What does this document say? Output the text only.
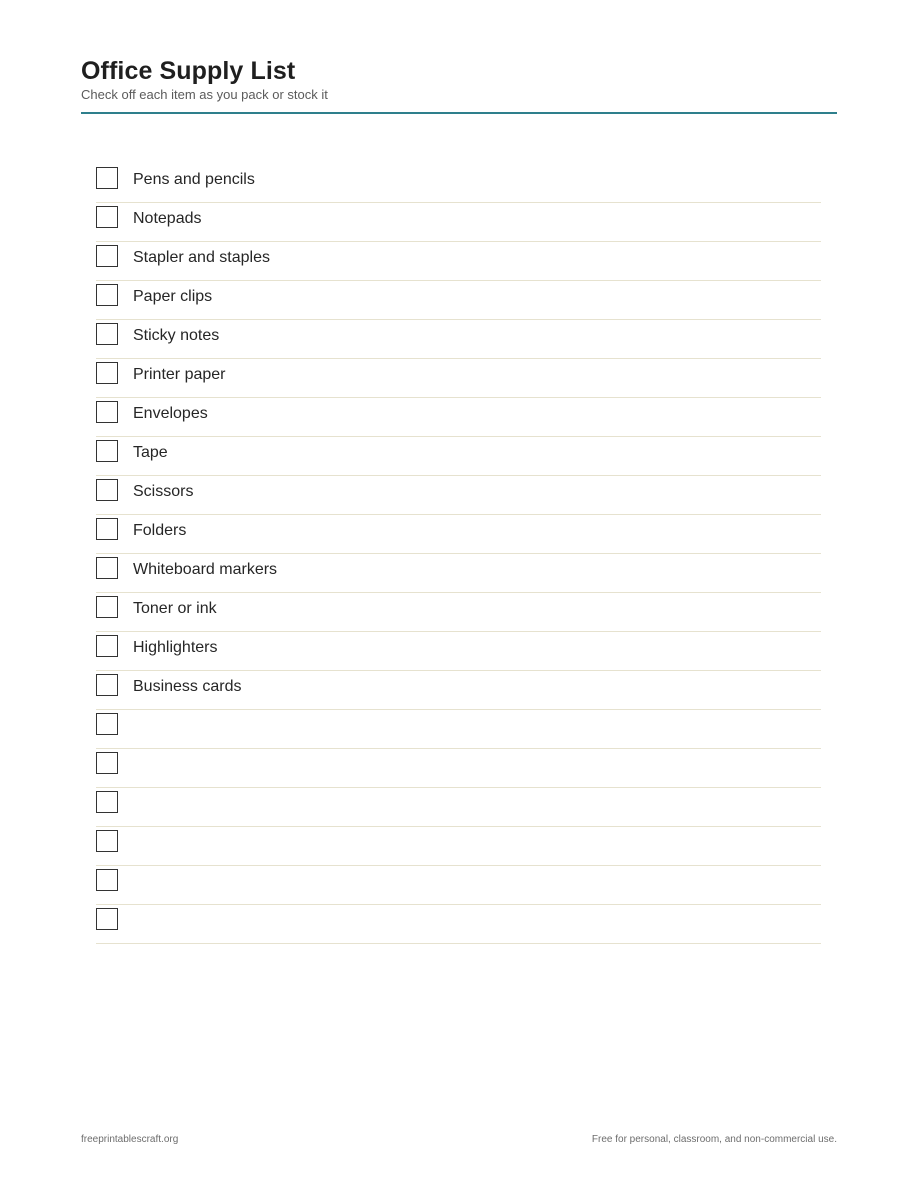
Office Supply List

Check off each item as you pack or stock it

Pens and pencils
Notepads
Stapler and staples
Paper clips
Sticky notes
Printer paper
Envelopes
Tape
Scissors
Folders
Whiteboard markers
Toner or ink
Highlighters
Business cards
freeprintablescraft.org	Free for personal, classroom, and non-commercial use.
